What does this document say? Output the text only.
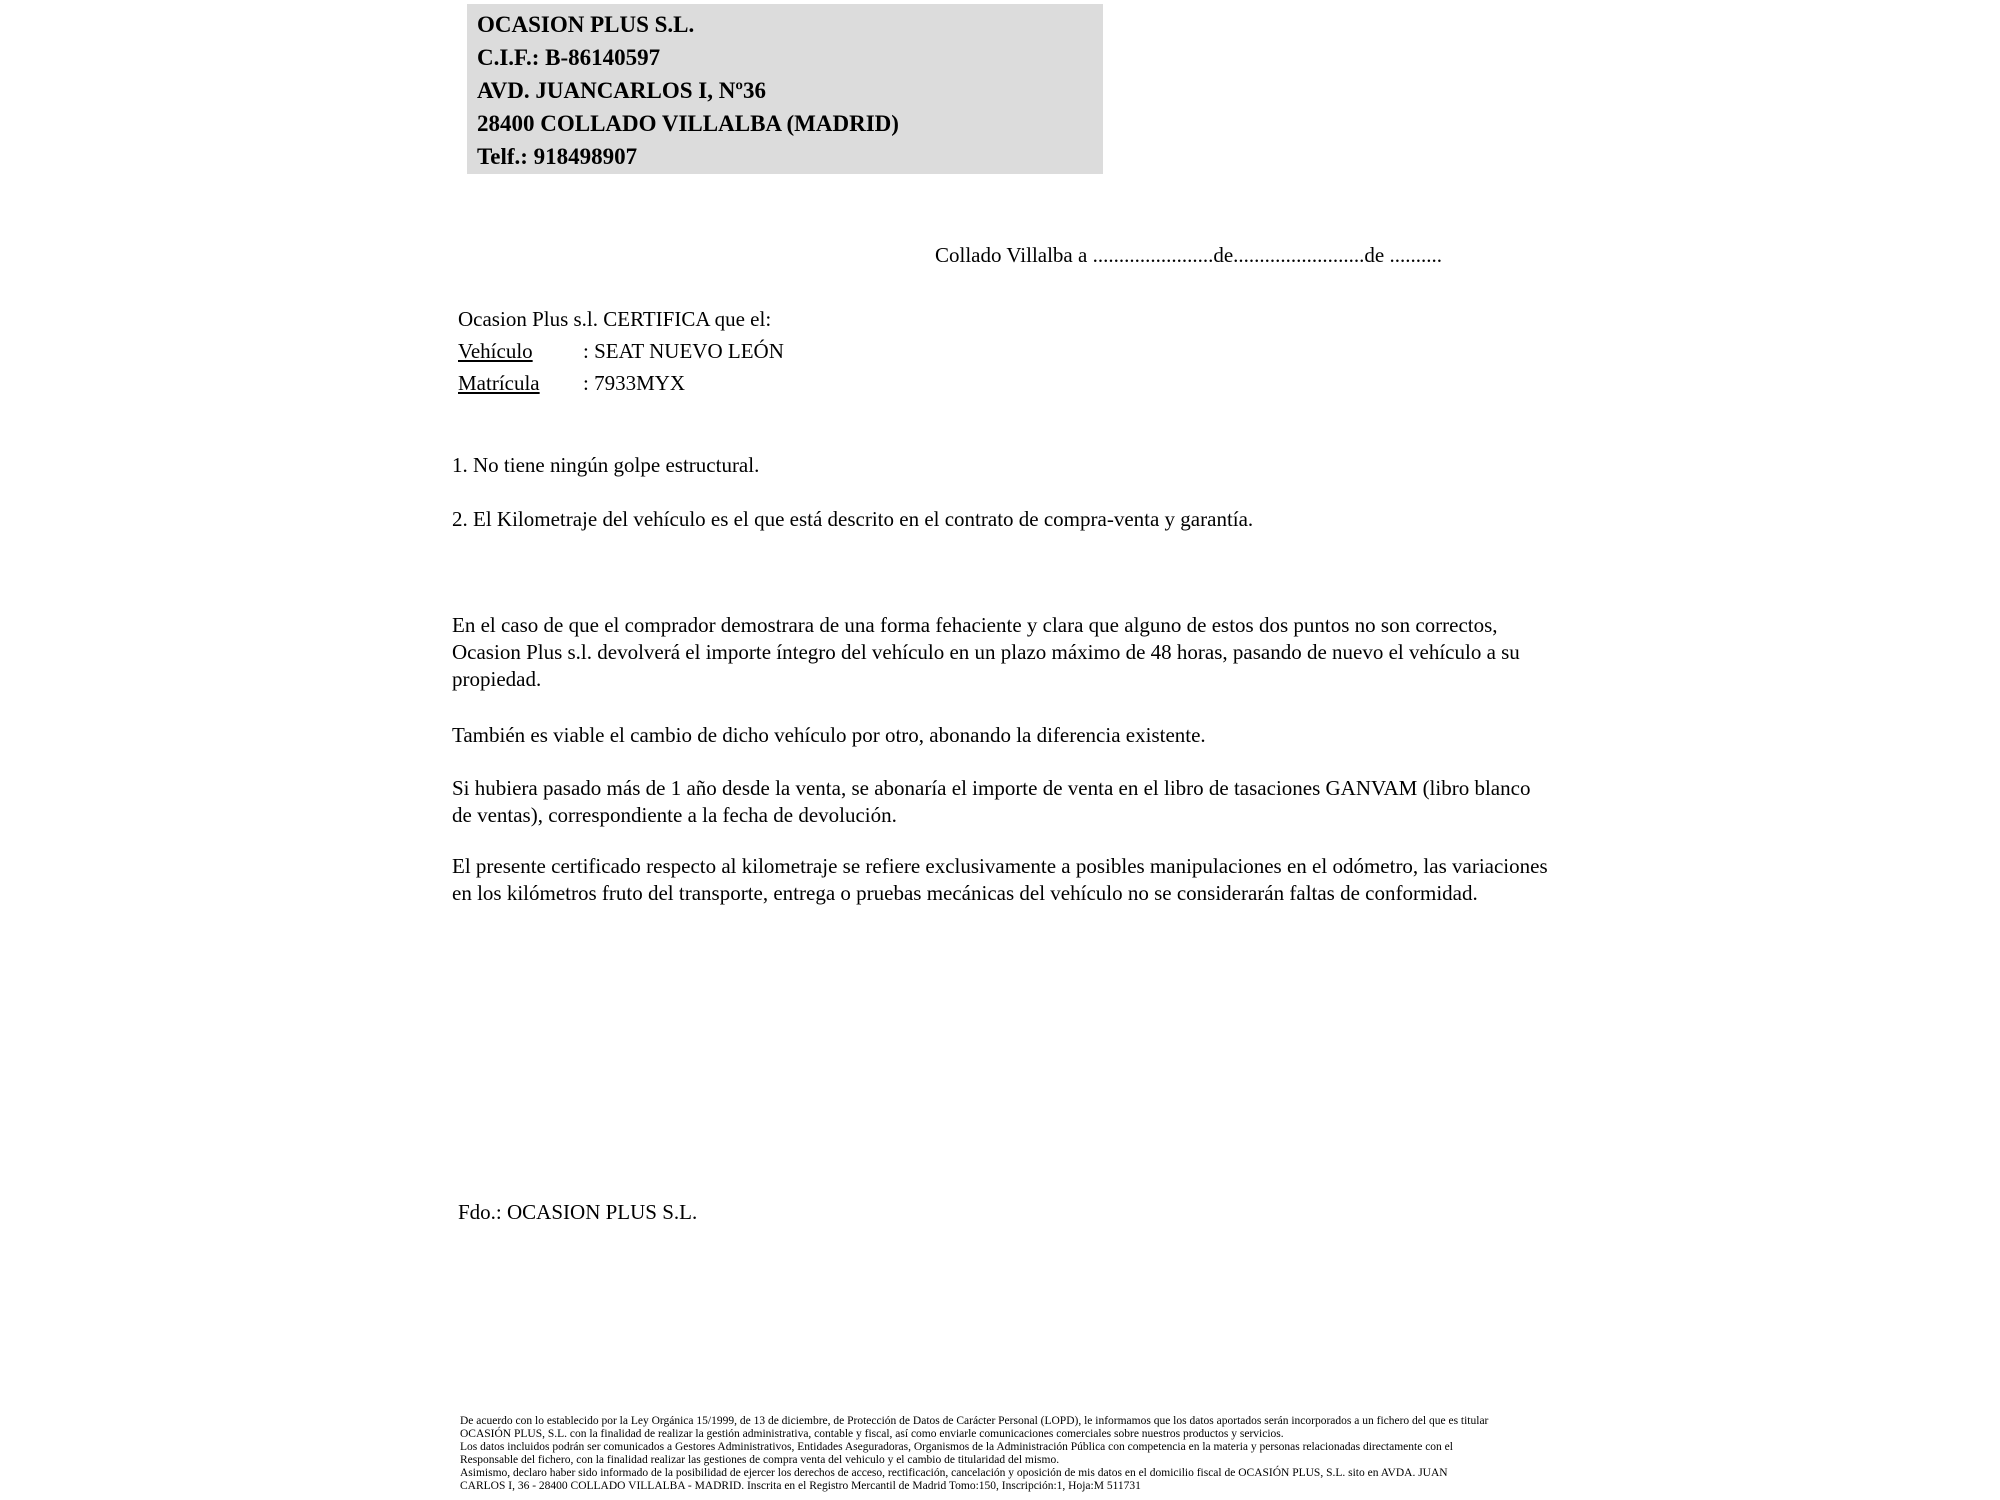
OCASION PLUS S.L.
C.I.F.: B-86140597
AVD. JUANCARLOS I, Nº36
28400 COLLADO VILLALBA (MADRID)
Telf.: 918498907
Collado Villalba a .......................de.........................de ..........
Ocasion Plus s.l. CERTIFICA que el:
Vehículo : SEAT NUEVO LEÓN
Matrícula : 7933MYX
1. No tiene ningún golpe estructural.
2. El Kilometraje del vehículo es el que está descrito en el contrato de compra-venta y garantía.
En el caso de que el comprador demostrara de una forma fehaciente y clara que alguno de estos dos puntos no son correctos, Ocasion Plus s.l. devolverá el importe íntegro del vehículo en un plazo máximo de 48 horas, pasando de nuevo el vehículo a su propiedad.
También es viable el cambio de dicho vehículo por otro, abonando la diferencia existente.
Si hubiera pasado más de 1 año desde la venta, se abonaría el importe de venta en el libro de tasaciones GANVAM (libro blanco de ventas), correspondiente a la fecha de devolución.
El presente certificado respecto al kilometraje se refiere exclusivamente a posibles manipulaciones en el odómetro, las variaciones en los kilómetros fruto del transporte, entrega o pruebas mecánicas del vehículo no se considerarán faltas de conformidad.
Fdo.: OCASION PLUS S.L.
De acuerdo con lo establecido por la Ley Orgánica 15/1999, de 13 de diciembre, de Protección de Datos de Carácter Personal (LOPD), le informamos que los datos aportados serán incorporados a un fichero del que es titular
OCASIÓN PLUS, S.L. con la finalidad de realizar la gestión administrativa, contable y fiscal, así como enviarle comunicaciones comerciales sobre nuestros productos y servicios.
Los datos incluidos podrán ser comunicados a Gestores Administrativos, Entidades Aseguradoras, Organismos de la Administración Pública con competencia en la materia y personas relacionadas directamente con el
Responsable del fichero, con la finalidad realizar las gestiones de compra venta del vehiculo y el cambio de titularidad del mismo.
Asimismo, declaro haber sido informado de la posibilidad de ejercer los derechos de acceso, rectificación, cancelación y oposición de mis datos en el domicilio fiscal de OCASIÓN PLUS, S.L. sito en AVDA. JUAN
CARLOS I, 36 - 28400 COLLADO VILLALBA - MADRID. Inscrita en el Registro Mercantil de Madrid Tomo:150, Inscripción:1, Hoja:M 511731
